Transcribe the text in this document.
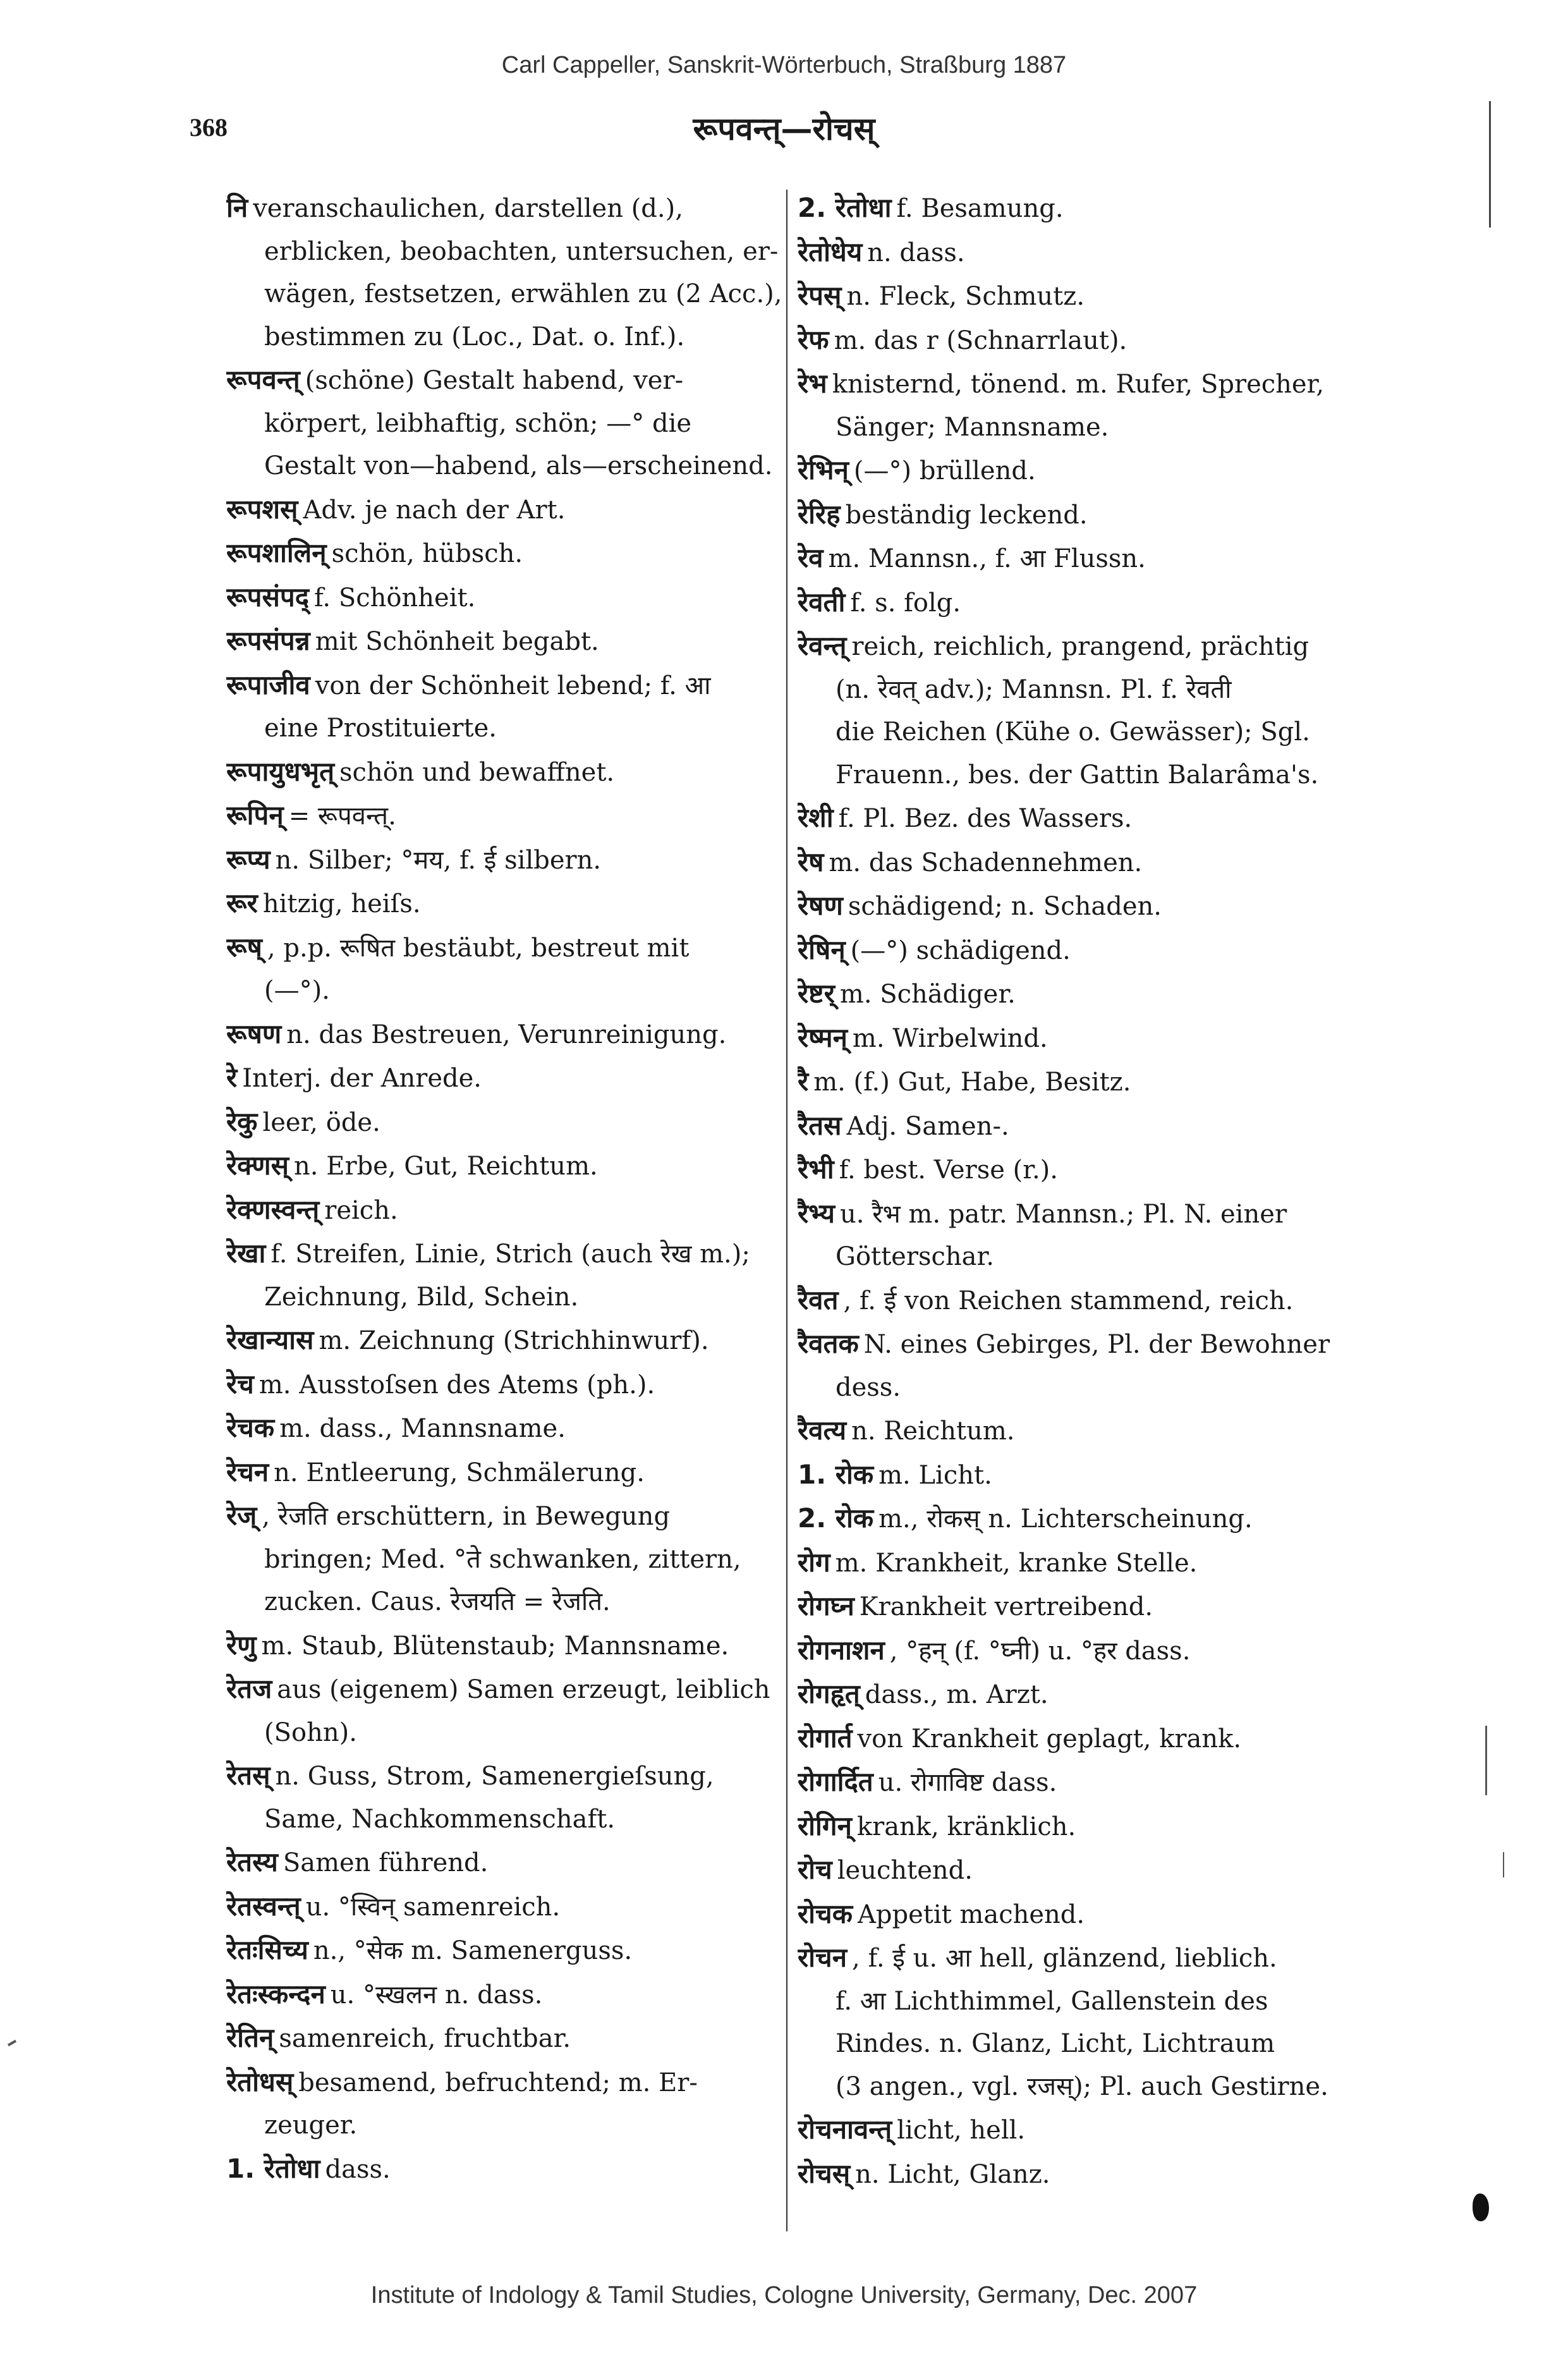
Carl Cappeller, Sanskrit-Wörterbuch, Straßburg 1887
368	रूपवन्त्—रोचस्
नि veranschaulichen, darstellen (d.),
erblicken, beobachten, untersuchen, er-
wägen, festsetzen, erwählen zu (2 Acc.),
bestimmen zu (Loc., Dat. o. Inf.).
रूपवन्त् (schöne) Gestalt habend, ver-
körpert, leibhaftig, schön; —° die
Gestalt von—habend, als—erscheinend.
रूपशस् Adv. je nach der Art.
रूपशालिन् schön, hübsch.
रूपसंपद् f. Schönheit.
रूपसंपन्न mit Schönheit begabt.
रूपाजीव von der Schönheit lebend; f. आ
eine Prostituierte.
रूपायुधभृत् schön und bewaffnet.
रूपिन् = रूपवन्त्.
रूप्य n. Silber; °मय, f. ई silbern.
रूर hitzig, heiſs.
रूष् , p.p. रूषित bestäubt, bestreut mit
(—°).
रूषण n. das Bestreuen, Verunreinigung.
रे Interj. der Anrede.
रेकु leer, öde.
रेक्णस् n. Erbe, Gut, Reichtum.
रेक्णस्वन्त् reich.
रेखा f. Streifen, Linie, Strich (auch रेख m.);
Zeichnung, Bild, Schein.
रेखान्यास m. Zeichnung (Strichhinwurf).
रेच m. Ausstoſsen des Atems (ph.).
रेचक m. dass., Mannsname.
रेचन n. Entleerung, Schmälerung.
रेज् , रेजति erschüttern, in Bewegung
bringen; Med. °ते schwanken, zittern,
zucken. Caus. रेजयति = रेजति.
रेणु m. Staub, Blütenstaub; Mannsname.
रेतज aus (eigenem) Samen erzeugt, leiblich
(Sohn).
रेतस् n. Guss, Strom, Samenergieſsung,
Same, Nachkommenschaft.
रेतस्य Samen führend.
रेतस्वन्त् u. °स्विन् samenreich.
रेतःसिच्य n., °सेक m. Samenerguss.
रेतःस्कन्दन u. °स्खलन n. dass.
रेतिन् samenreich, fruchtbar.
रेतोधस् besamend, befruchtend; m. Er-
zeuger.
1. रेतोधा dass.
2. रेतोधा f. Besamung.
रेतोधेय n. dass.
रेपस् n. Fleck, Schmutz.
रेफ m. das r (Schnarrlaut).
रेभ knisternd, tönend. m. Rufer, Sprecher,
Sänger; Mannsname.
रेभिन् (—°) brüllend.
रेरिह beständig leckend.
रेव m. Mannsn., f. आ Flussn.
रेवती f. s. folg.
रेवन्त् reich, reichlich, prangend, prächtig
(n. रेवत् adv.); Mannsn. Pl. f. रेवती
die Reichen (Kühe o. Gewässer); Sgl.
Frauenn., bes. der Gattin Balarâma's.
रेशी f. Pl. Bez. des Wassers.
रेष m. das Schadennehmen.
रेषण schädigend; n. Schaden.
रेषिन् (—°) schädigend.
रेष्टर् m. Schädiger.
रेष्मन् m. Wirbelwind.
रै m. (f.) Gut, Habe, Besitz.
रैतस Adj. Samen-.
रैभी f. best. Verse (r.).
रैभ्य u. रैभ m. patr. Mannsn.; Pl. N. einer
Götterschar.
रैवत , f. ई von Reichen stammend, reich.
रैवतक N. eines Gebirges, Pl. der Bewohner
dess.
रैवत्य n. Reichtum.
1. रोक m. Licht.
2. रोक m., रोकस् n. Lichterscheinung.
रोग m. Krankheit, kranke Stelle.
रोगघ्न Krankheit vertreibend.
रोगनाशन , °हन् (f. °घ्नी) u. °हर dass.
रोगहृत् dass., m. Arzt.
रोगार्त von Krankheit geplagt, krank.
रोगार्दित u. रोगाविष्ट dass.
रोगिन् krank, kränklich.
रोच leuchtend.
रोचक Appetit machend.
रोचन , f. ई u. आ hell, glänzend, lieblich.
f. आ Lichthimmel, Gallenstein des
Rindes. n. Glanz, Licht, Lichtraum
(3 angen., vgl. रजस्); Pl. auch Gestirne.
रोचनावन्त् licht, hell.
रोचस् n. Licht, Glanz.
Institute of Indology & Tamil Studies, Cologne University, Germany, Dec. 2007
